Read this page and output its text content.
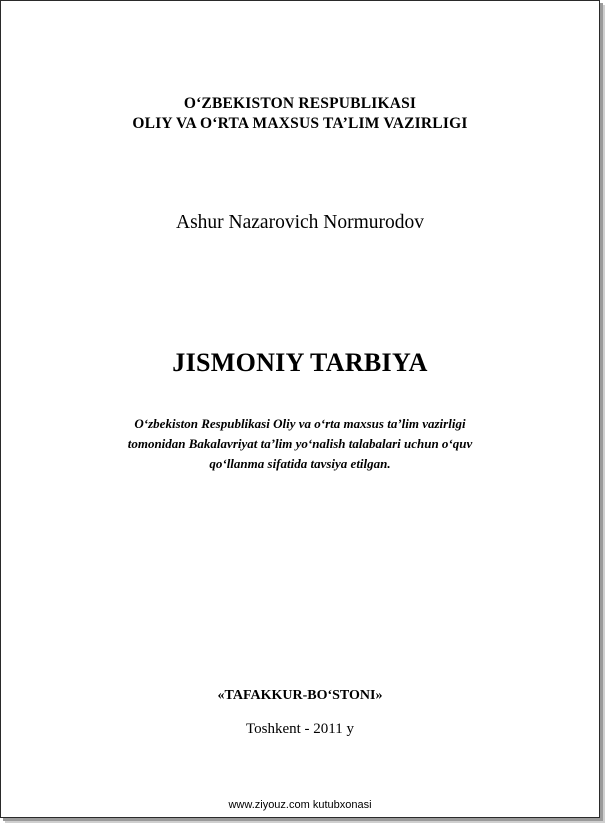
O‘ZBEKISTON RESPUBLIKASI
OLIY VA O‘RTA MAXSUS TA’LIM VAZIRLIGI
Ashur Nazarovich Normurodov
JISMONIY TARBIYA
O‘zbekiston Respublikasi Oliy va o‘rta maxsus ta’lim vazirligi
tomonidan Bakalavriyat ta’lim yo‘nalish talabalari uchun o‘quv
qo‘llanma sifatida tavsiya etilgan.
«TAFAKKUR-BO‘STONI»
Toshkent - 2011 y
www.ziyouz.com kutubxonasi
